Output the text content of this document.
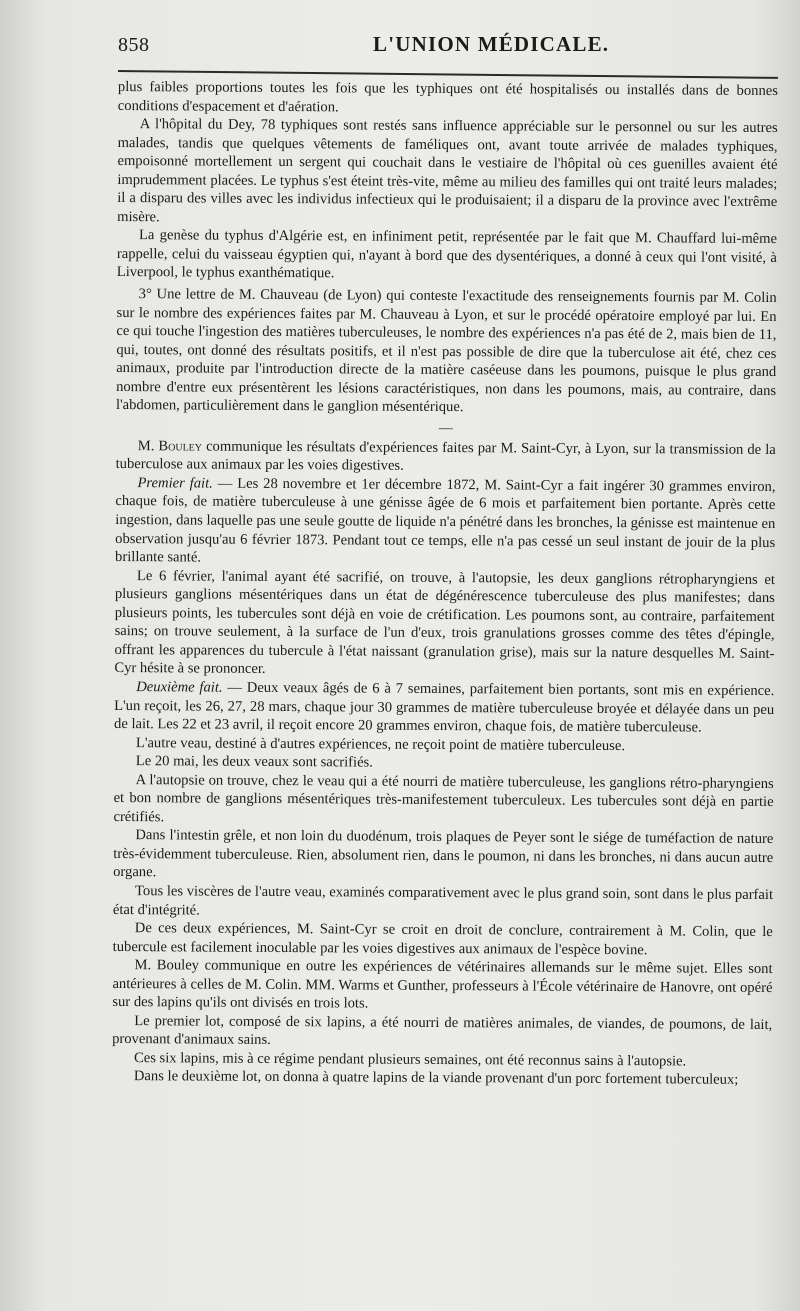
858	L'UNION MÉDICALE.

plus faibles proportions toutes les fois que les typhiques ont été hospitalisés ou installés dans de bonnes conditions d'espacement et d'aération.

A l'hôpital du Dey, 78 typhiques sont restés sans influence appréciable sur le personnel ou sur les autres malades, tandis que quelques vêtements de faméliques ont, avant toute arrivée de malades typhiques, empoisonné mortellement un sergent qui couchait dans le vestiaire de l'hôpital où ces guenilles avaient été imprudemment placées. Le typhus s'est éteint très-vite, même au milieu des familles qui ont traité leurs malades; il a disparu des villes avec les individus infectieux qui le produisaient; il a disparu de la province avec l'extrême misère.

La genèse du typhus d'Algérie est, en infiniment petit, représentée par le fait que M. Chauffard lui-même rappelle, celui du vaisseau égyptien qui, n'ayant à bord que des dysentériques, a donné à ceux qui l'ont visité, à Liverpool, le typhus exanthématique.

3° Une lettre de M. Chauveau (de Lyon) qui conteste l'exactitude des renseignements fournis par M. Colin sur le nombre des expériences faites par M. Chauveau à Lyon, et sur le procédé opératoire employé par lui. En ce qui touche l'ingestion des matières tuberculeuses, le nombre des expériences n'a pas été de 2, mais bien de 11, qui, toutes, ont donné des résultats positifs, et il n'est pas possible de dire que la tuberculose ait été, chez ces animaux, produite par l'introduction directe de la matière caséeuse dans les poumons, puisque le plus grand nombre d'entre eux présentèrent les lésions caractéristiques, non dans les poumons, mais, au contraire, dans l'abdomen, particulièrement dans le ganglion mésentérique.

—

M. Bouley communique les résultats d'expériences faites par M. Saint-Cyr, à Lyon, sur la transmission de la tuberculose aux animaux par les voies digestives.

Premier fait. — Les 28 novembre et 1er décembre 1872, M. Saint-Cyr a fait ingérer 30 grammes environ, chaque fois, de matière tuberculeuse à une génisse âgée de 6 mois et parfaitement bien portante. Après cette ingestion, dans laquelle pas une seule goutte de liquide n'a pénétré dans les bronches, la génisse est maintenue en observation jusqu'au 6 février 1873. Pendant tout ce temps, elle n'a pas cessé un seul instant de jouir de la plus brillante santé.

Le 6 février, l'animal ayant été sacrifié, on trouve, à l'autopsie, les deux ganglions rétropharyngiens et plusieurs ganglions mésentériques dans un état de dégénérescence tuberculeuse des plus manifestes; dans plusieurs points, les tubercules sont déjà en voie de crétification. Les poumons sont, au contraire, parfaitement sains; on trouve seulement, à la surface de l'un d'eux, trois granulations grosses comme des têtes d'épingle, offrant les apparences du tubercule à l'état naissant (granulation grise), mais sur la nature desquelles M. Saint-Cyr hésite à se prononcer.

Deuxième fait. — Deux veaux âgés de 6 à 7 semaines, parfaitement bien portants, sont mis en expérience. L'un reçoit, les 26, 27, 28 mars, chaque jour 30 grammes de matière tuberculeuse broyée et délayée dans un peu de lait. Les 22 et 23 avril, il reçoit encore 20 grammes environ, chaque fois, de matière tuberculeuse.

L'autre veau, destiné à d'autres expériences, ne reçoit point de matière tuberculeuse.

Le 20 mai, les deux veaux sont sacrifiés.

A l'autopsie on trouve, chez le veau qui a été nourri de matière tuberculeuse, les ganglions rétro-pharyngiens et bon nombre de ganglions mésentériques très-manifestement tuberculeux. Les tubercules sont déjà en partie crétifiés.

Dans l'intestin grêle, et non loin du duodénum, trois plaques de Peyer sont le siége de tuméfaction de nature très-évidemment tuberculeuse. Rien, absolument rien, dans le poumon, ni dans les bronches, ni dans aucun autre organe.

Tous les viscères de l'autre veau, examinés comparativement avec le plus grand soin, sont dans le plus parfait état d'intégrité.

De ces deux expériences, M. Saint-Cyr se croit en droit de conclure, contrairement à M. Colin, que le tubercule est facilement inoculable par les voies digestives aux animaux de l'espèce bovine.

M. Bouley communique en outre les expériences de vétérinaires allemands sur le même sujet. Elles sont antérieures à celles de M. Colin. MM. Warms et Gunther, professeurs à l'École vétérinaire de Hanovre, ont opéré sur des lapins qu'ils ont divisés en trois lots.

Le premier lot, composé de six lapins, a été nourri de matières animales, de viandes, de poumons, de lait, provenant d'animaux sains.

Ces six lapins, mis à ce régime pendant plusieurs semaines, ont été reconnus sains à l'autopsie.

Dans le deuxième lot, on donna à quatre lapins de la viande provenant d'un porc fortement tuberculeux;
